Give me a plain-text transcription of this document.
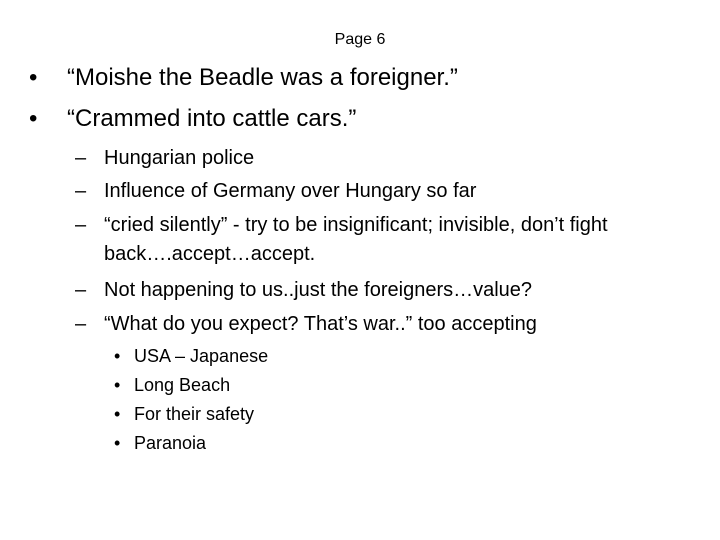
Page 6
• “Moishe the Beadle was a foreigner.”
• “Crammed into cattle cars.”
– Hungarian police
– Influence of Germany over Hungary so far
– “cried silently” - try to be insignificant; invisible, don’t fight back….accept…accept.
– Not happening to us..just the foreigners…value?
– “What do you expect? That’s war..” too accepting
• USA – Japanese
• Long Beach
• For their safety
• Paranoia
